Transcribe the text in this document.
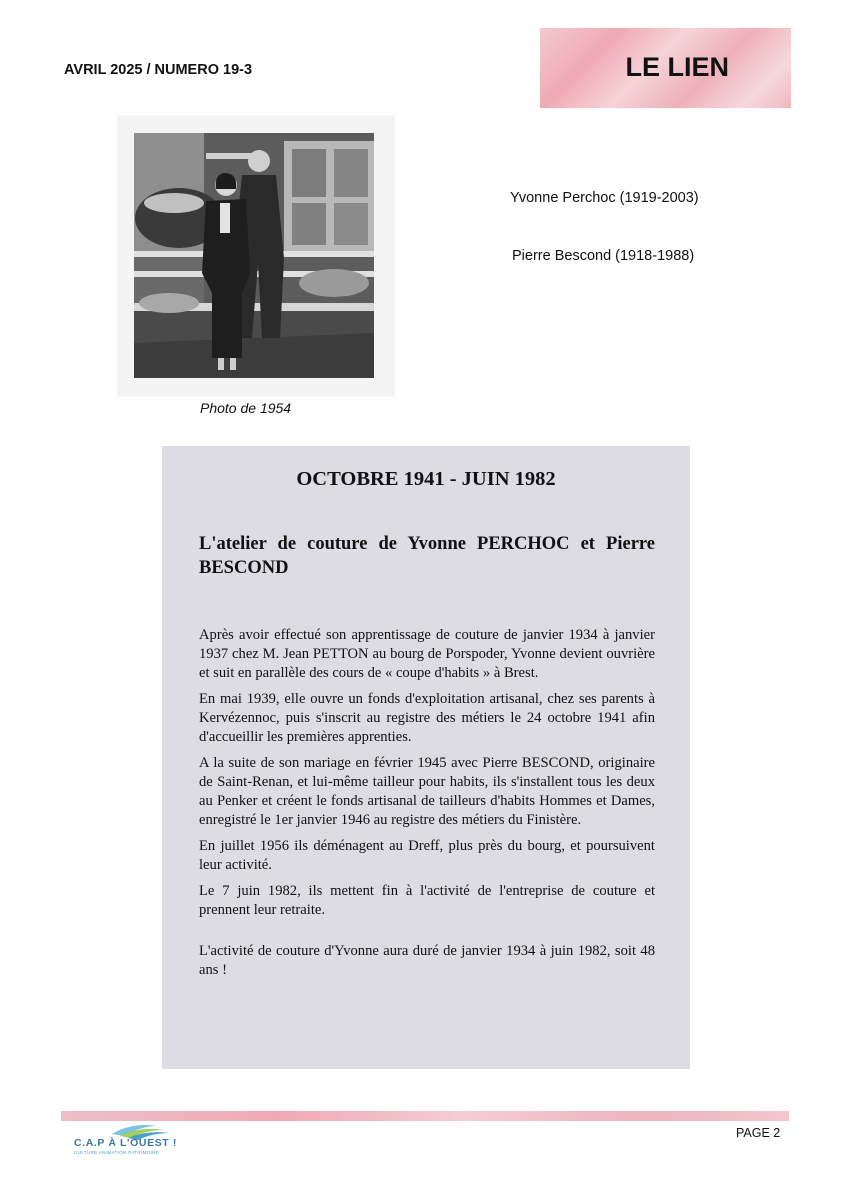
AVRIL 2025 / NUMERO 19-3	LE LIEN
Photo de 1954
Yvonne Perchoc (1919-2003)
Pierre Bescond (1918-1988)
OCTOBRE 1941 - JUIN 1982
L'atelier de couture de Yvonne PERCHOC et Pierre BESCOND

Après avoir effectué son apprentissage de couture de janvier 1934 à janvier 1937 chez M. Jean PETTON au bourg de Porspoder, Yvonne devient ouvrière et suit en parallèle des cours de « coupe d'habits » à Brest.

En mai 1939, elle ouvre un fonds d'exploitation artisanal, chez ses parents à Kervézennoc, puis s'inscrit au registre des métiers le 24 octobre 1941 afin d'accueillir les premières apprenties.

A la suite de son mariage en février 1945 avec Pierre BESCOND, originaire de Saint-Renan, et lui-même tailleur pour habits, ils s'installent tous les deux au Penker et créent le fonds artisanal de tailleurs d'habits Hommes et Dames, enregistré le 1er janvier 1946 au registre des métiers du Finistère.

En juillet 1956 ils déménagent au Dreff, plus près du bourg, et poursuivent leur activité.

Le 7 juin 1982, ils mettent fin à l'activité de l'entreprise de couture et prennent leur retraite.

L'activité de couture d'Yvonne aura duré de janvier 1934 à juin 1982, soit 48 ans !

C.A.P À L'OUEST !
CULTURE ANIMATION PATRIMOINE
PAGE 2
